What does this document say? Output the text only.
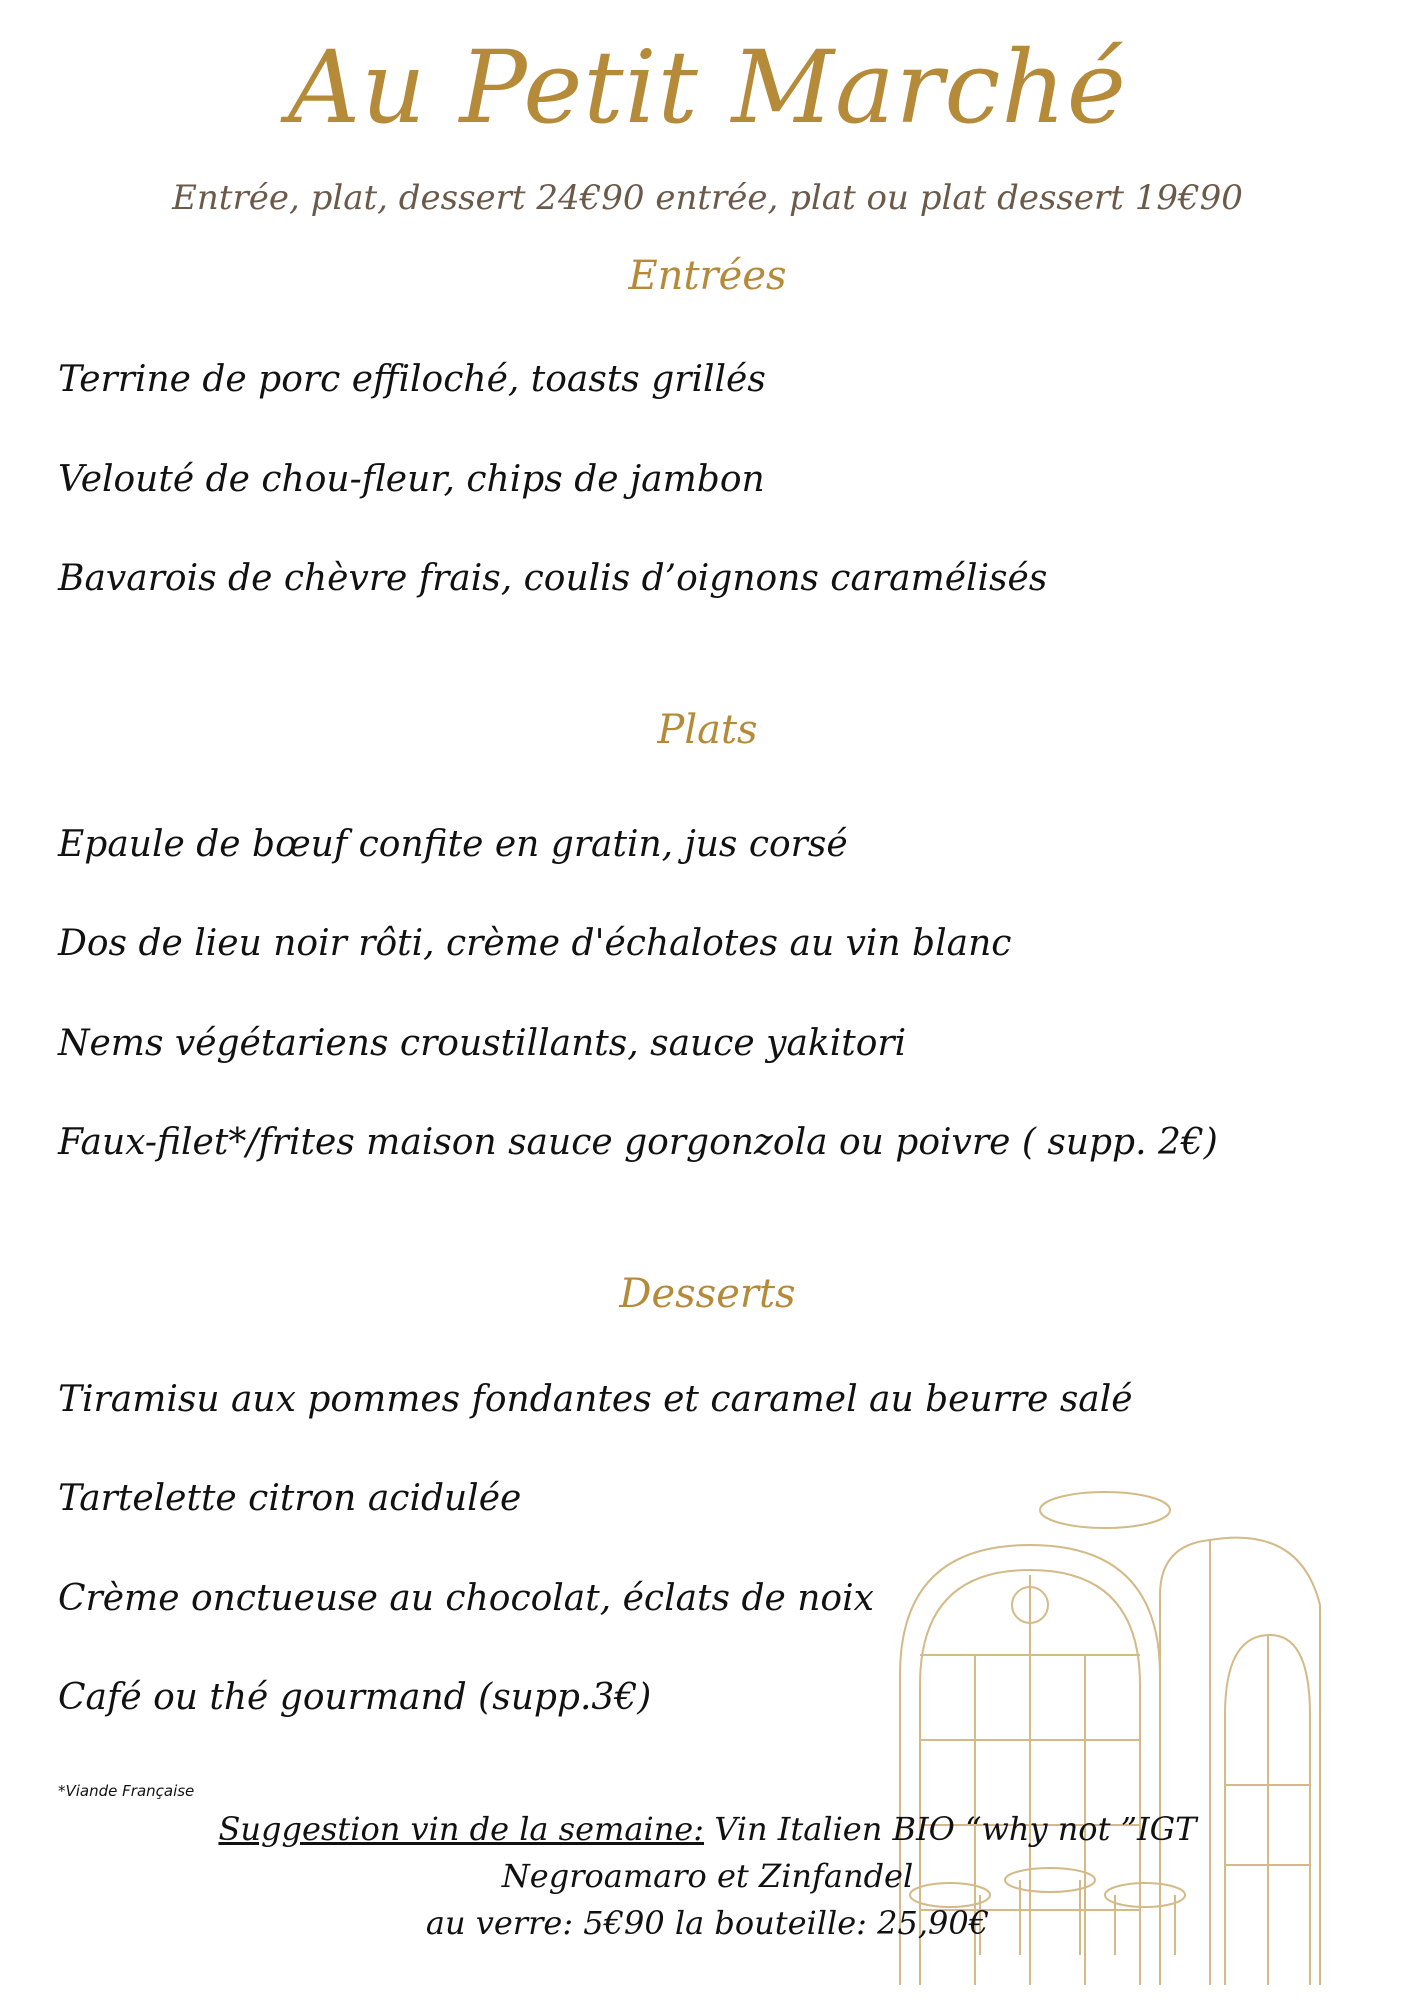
Au Petit Marché
Entrée, plat, dessert 24€90 entrée, plat ou plat dessert 19€90
Entrées
Terrine de porc effiloché, toasts grillés
Velouté de chou-fleur, chips de jambon
Bavarois de chèvre frais, coulis d’oignons caramélisés
Plats
Epaule de bœuf confite en gratin, jus corsé
Dos de lieu noir rôti, crème d'échalotes au vin blanc
Nems végétariens croustillants, sauce yakitori
Faux-filet*/frites maison sauce gorgonzola ou poivre ( supp. 2€)
Desserts
Tiramisu aux pommes fondantes et caramel au beurre salé
Tartelette citron acidulée
Crème onctueuse au chocolat, éclats de noix
Café ou thé gourmand (supp.3€)
*Viande Française
Suggestion vin de la semaine: Vin Italien BIO “why not ”IGT
Negroamaro et Zinfandel
au verre: 5€90 la bouteille: 25,90€
